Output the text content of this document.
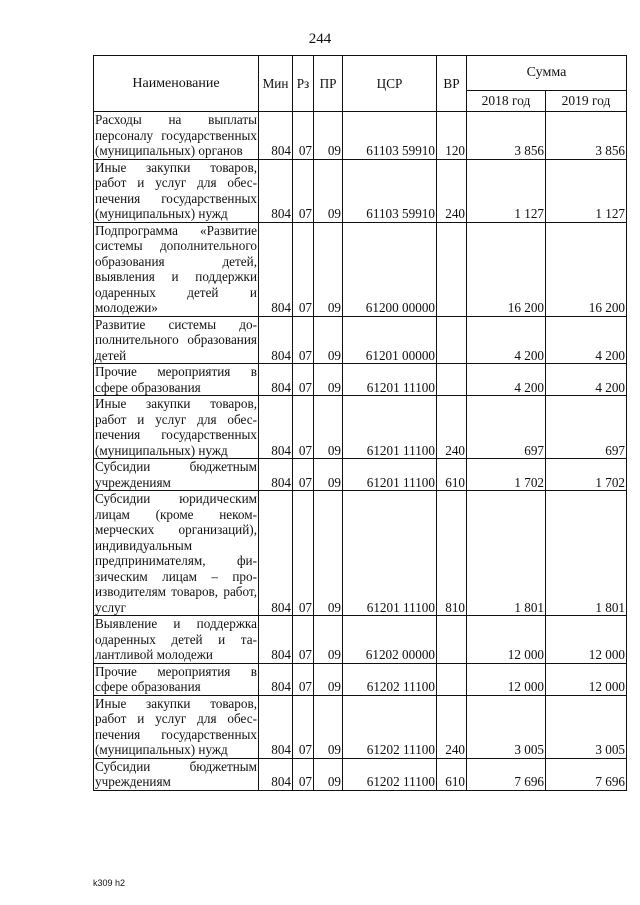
244
Наименование	Мин	Рз	ПР	ЦСР	ВР	Сумма	
						2018 год	2019 год
Расходы на выплаты персоналу государственных (муниципальных) органов	804	07	09	61103 59910	120	3 856	3 856
Иные закупки товаров, работ и услуг для обеспечения государственных (муниципальных) нужд	804	07	09	61103 59910	240	1 127	1 127
Подпрограмма «Развитие системы дополнительного образования детей, выявления и поддержки одаренных детей и молодежи»	804	07	09	61200 00000		16 200	16 200
Развитие системы дополнительного образования детей	804	07	09	61201 00000		4 200	4 200
Прочие мероприятия в сфере образования	804	07	09	61201 11100		4 200	4 200
Иные закупки товаров, работ и услуг для обеспечения государственных (муниципальных) нужд	804	07	09	61201 11100	240	697	697
Субсидии бюджетным учреждениям	804	07	09	61201 11100	610	1 702	1 702
Субсидии юридическим лицам (кроме некоммерческих организаций), индивидуальным предпринимателям, физическим лицам – производителям товаров, работ, услуг	804	07	09	61201 11100	810	1 801	1 801
Выявление и поддержка одаренных детей и талантливой молодежи	804	07	09	61202 00000		12 000	12 000
Прочие мероприятия в сфере образования	804	07	09	61202 11100		12 000	12 000
Иные закупки товаров, работ и услуг для обеспечения государственных (муниципальных) нужд	804	07	09	61202 11100	240	3 005	3 005
Субсидии бюджетным учреждениям	804	07	09	61202 11100	610	7 696	7 696
k309 h2
